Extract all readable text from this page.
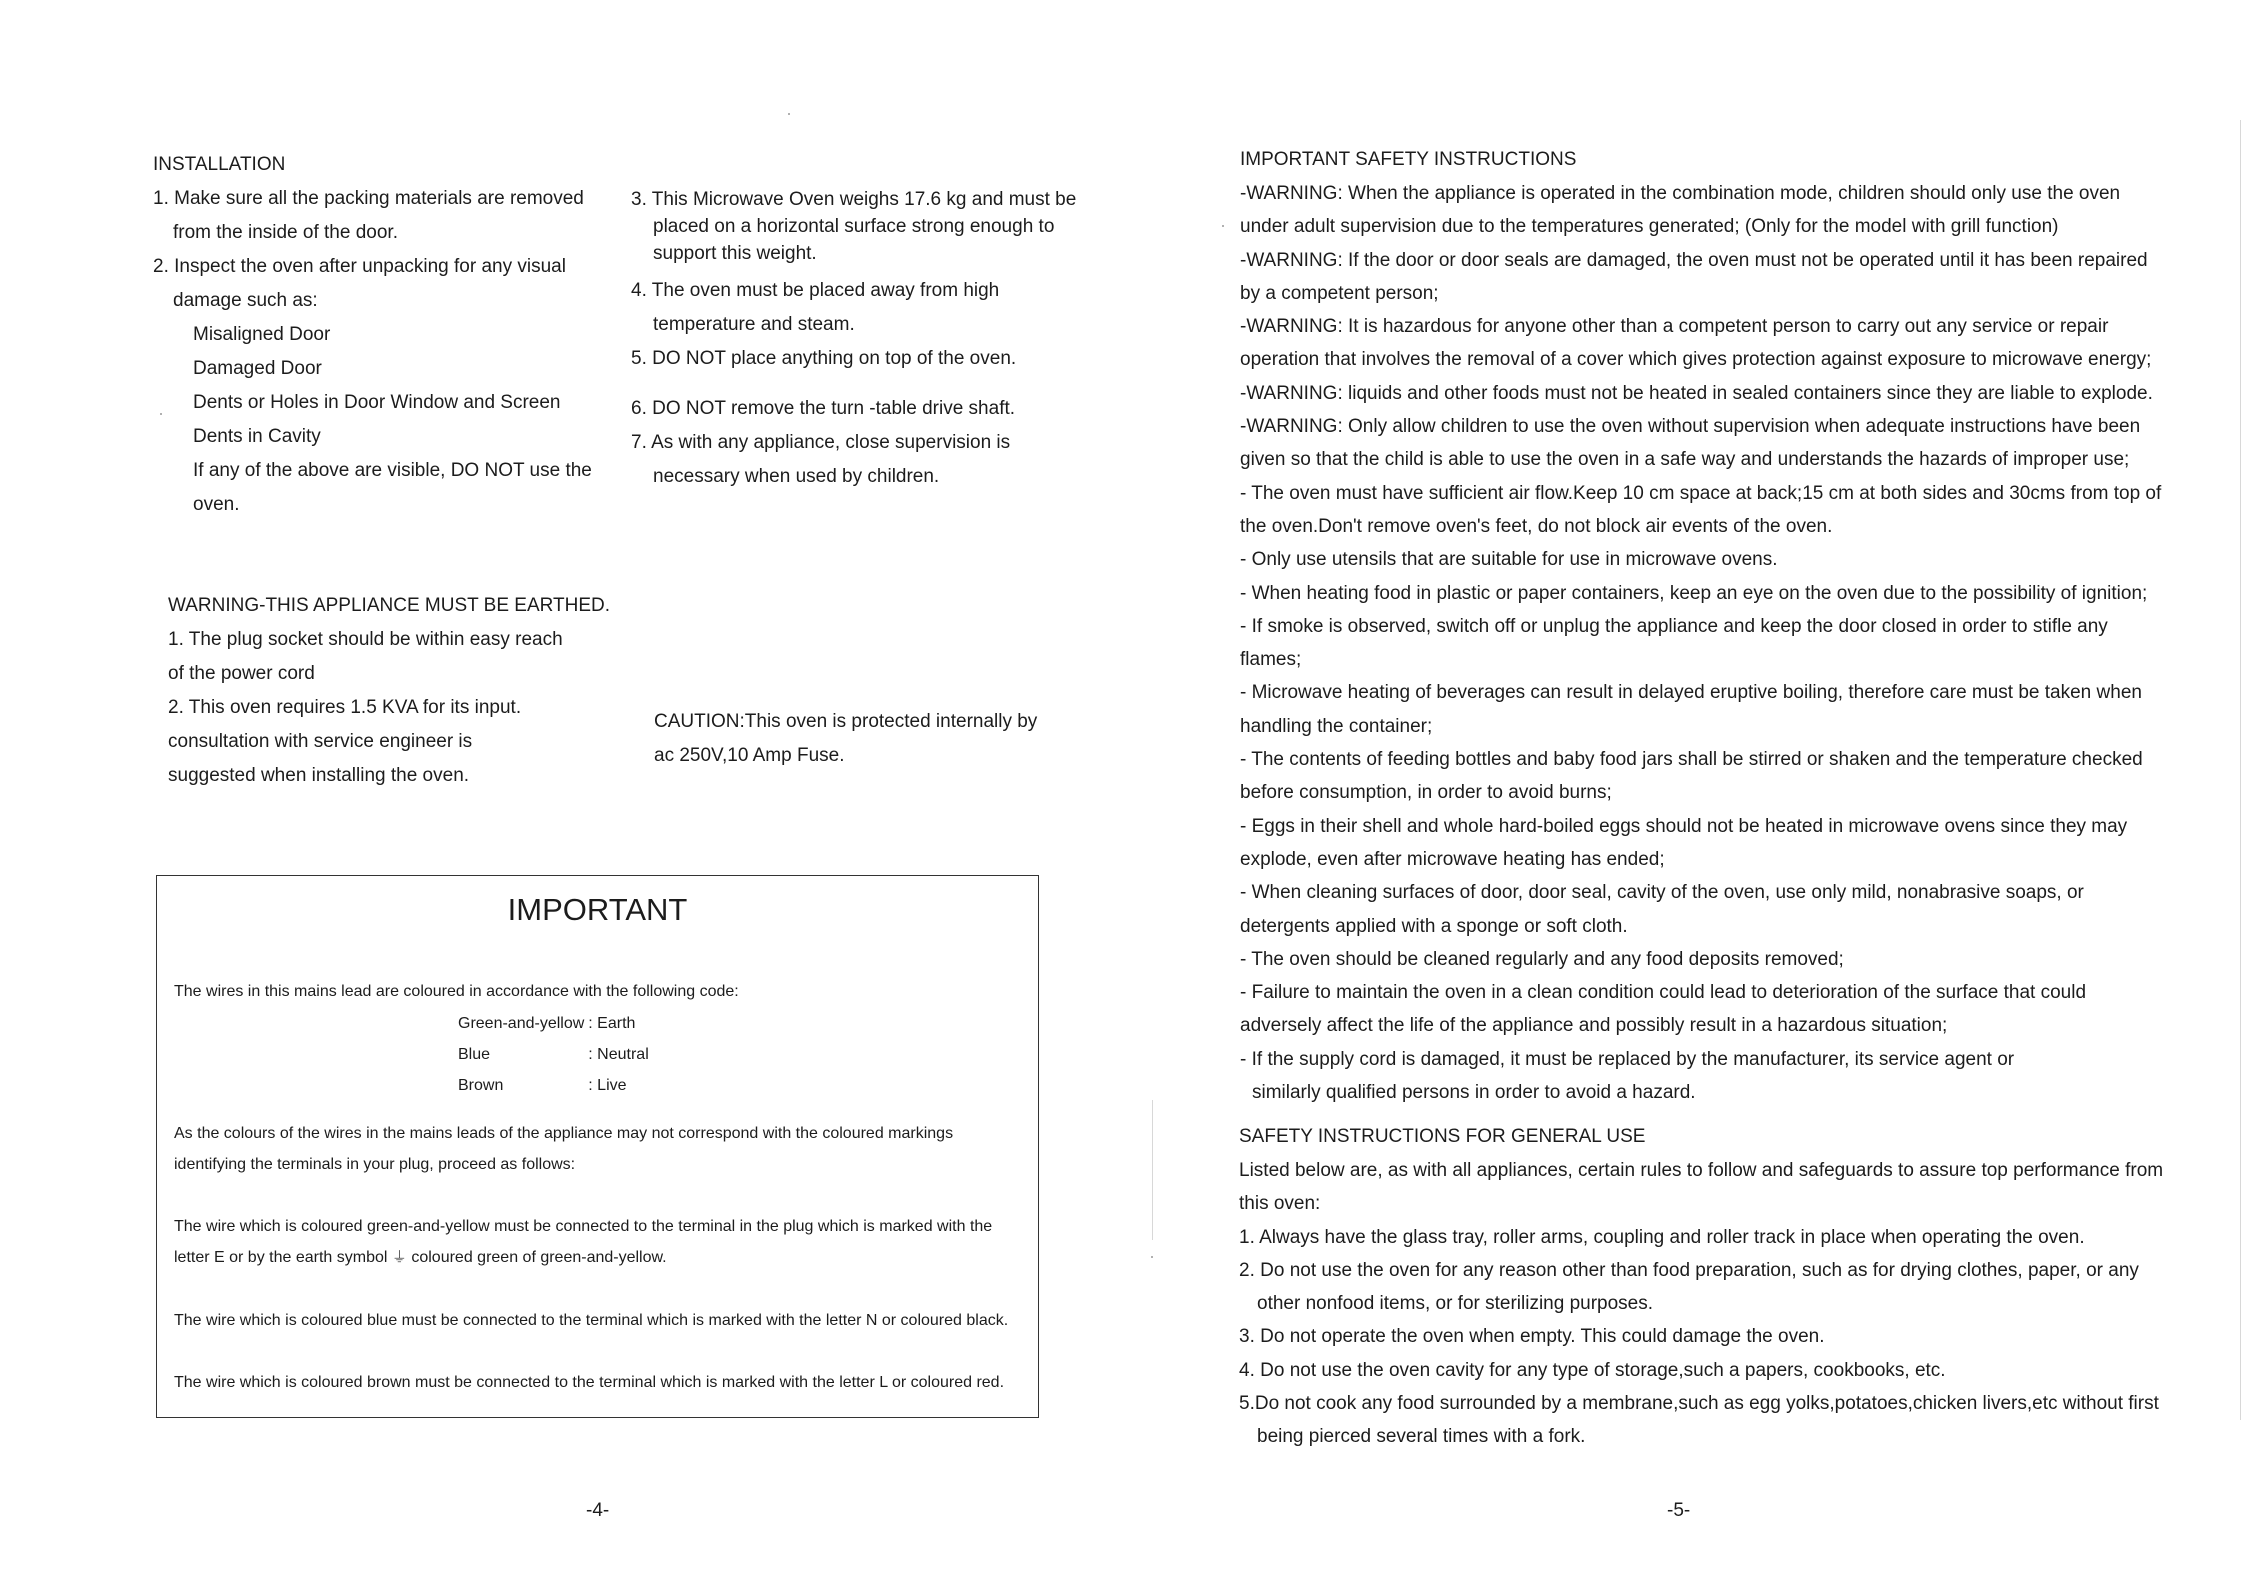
INSTALLATION

1. Make sure all the packing materials are removed from the inside of the door.

2. Inspect the oven after unpacking for any visual damage such as:

Misaligned Door

Damaged Door

Dents or Holes in Door Window and Screen

Dents in Cavity

If any of the above are visible, DO NOT use the oven.

3. This Microwave Oven weighs 17.6 kg and must be placed on a horizontal surface strong enough to support this weight.

4. The oven must be placed away from high temperature and steam.

5. DO NOT place anything on top of the oven.

6. DO NOT remove the turn -table drive shaft.

7. As with any appliance, close supervision is necessary when used by children.

WARNING-THIS APPLIANCE MUST BE EARTHED.

1. The plug socket should be within easy reach

of the power cord

2. This oven requires 1.5 KVA for its input.

consultation with service engineer is

suggested when installing the oven.

CAUTION:This oven is protected internally by

ac 250V,10 Amp Fuse.

IMPORTANT

The wires in this mains lead are coloured in accordance with the following code:

Green-and-yellow	: Earth
Blue	: Neutral
Brown	: Live

As the colours of the wires in the mains leads of the appliance may not correspond with the coloured markings identifying the terminals in your plug, proceed as follows:

The wire which is coloured green-and-yellow must be connected to the terminal in the plug which is marked with the letter E or by the earth symbol ⏚ coloured green of green-and-yellow.

The wire which is coloured blue must be connected to the terminal which is marked with the letter N or coloured black.

The wire which is coloured brown must be connected to the terminal which is marked with the letter L or coloured red.

-4-

IMPORTANT SAFETY INSTRUCTIONS

-WARNING: When the appliance is operated in the combination mode, children should only use the oven under adult supervision due to the temperatures generated; (Only for the model with grill function)

-WARNING: If the door or door seals are damaged, the oven must not be operated until it has been repaired by a competent person;

-WARNING: It is hazardous for anyone other than a competent person to carry out any service or repair operation that involves the removal of a cover which gives protection against exposure to microwave energy;

-WARNING: liquids and other foods must not be heated in sealed containers since they are liable to explode.

-WARNING: Only allow children to use the oven without supervision when adequate instructions have been given so that the child is able to use the oven in a safe way and understands the hazards of improper use;

- The oven must have sufficient air flow.Keep 10 cm space at back;15 cm at both sides and 30cms from top of the oven.Don't remove oven's feet, do not block air events of the oven.

- Only use utensils that are suitable for use in microwave ovens.

- When heating food in plastic or paper containers, keep an eye on the oven due to the possibility of ignition;

- If smoke is observed, switch off or unplug the appliance and keep the door closed in order to stifle any flames;

- Microwave heating of beverages can result in delayed eruptive boiling, therefore care must be taken when handling the container;

- The contents of feeding bottles and baby food jars shall be stirred or shaken and the temperature checked before consumption, in order to avoid burns;

- Eggs in their shell and whole hard-boiled eggs should not be heated in microwave ovens since they may explode, even after microwave heating has ended;

- When cleaning surfaces of door, door seal, cavity of the oven, use only mild, nonabrasive soaps, or detergents applied with a sponge or soft cloth.

- The oven should be cleaned regularly and any food deposits removed;

- Failure to maintain the oven in a clean condition could lead to deterioration of the surface that could adversely affect the life of the appliance and possibly result in a hazardous situation;

- If the supply cord is damaged, it must be replaced by the manufacturer, its service agent or

similarly qualified persons in order to avoid a hazard.

SAFETY INSTRUCTIONS FOR GENERAL USE

Listed below are, as with all appliances, certain rules to follow and safeguards to assure top performance from this oven:

1. Always have the glass tray, roller arms, coupling and roller track in place when operating the oven.

2. Do not use the oven for any reason other than food preparation, such as for drying clothes, paper, or any other nonfood items, or for sterilizing purposes.

3. Do not operate the oven when empty. This could damage the oven.

4. Do not use the oven cavity for any type of storage,such a papers, cookbooks, etc.

5.Do not cook any food surrounded by a membrane,such as egg yolks,potatoes,chicken livers,etc without first being pierced several times with a fork.

-5-
